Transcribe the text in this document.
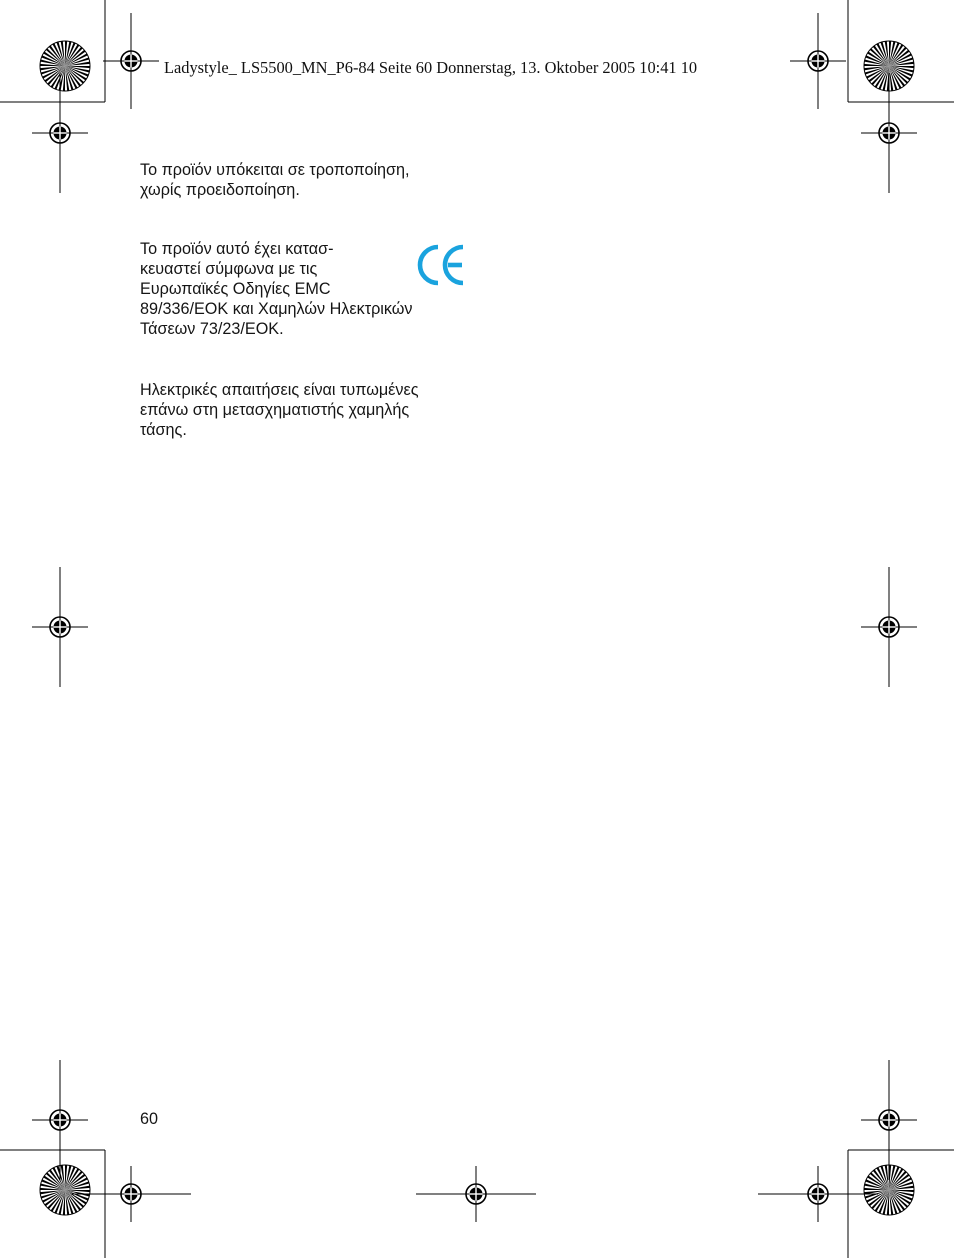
Ladystyle_ LS5500_MN_P6-84 Seite 60 Donnerstag, 13. Oktober 2005 10:41 10
Το προϊόν υπόκειται σε τροποποίηση,
χωρίς προειδοποίηση.
Το προϊόν αυτό έχει κατασ-
κευαστεί σύμφωνα με τις
Ευρωπαϊκές Οδηγίες EMC
89/336/EOK και Χαμηλών Ηλεκτρικών
Τάσεων 73/23/EOK.
Ηλεκτρικές απαιτήσεις είναι τυπωμένες
επάνω στη μετασχηματιστής χαμηλής
τάσης.
60
